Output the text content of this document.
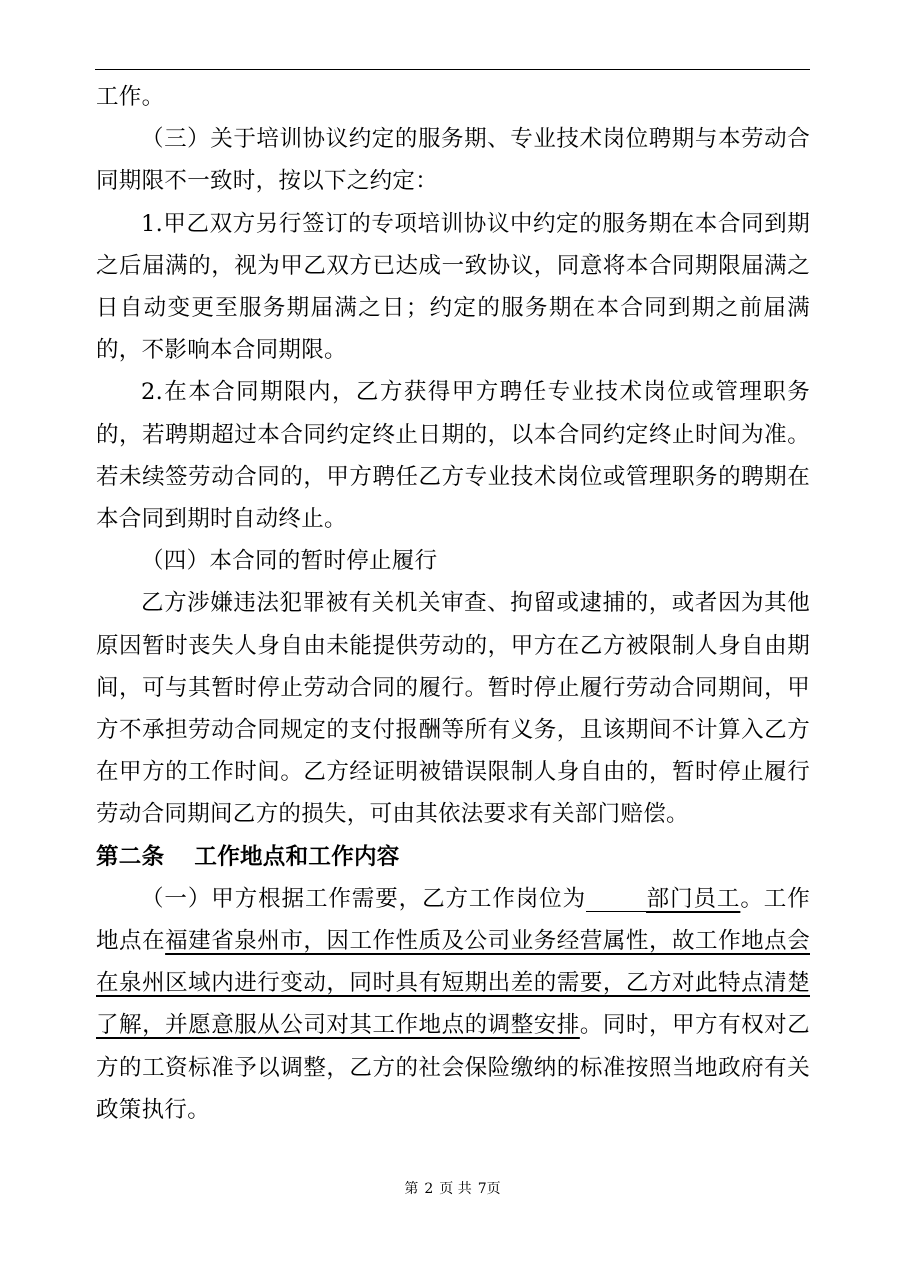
工作。

（三）关于培训协议约定的服务期、专业技术岗位聘期与本劳动合同期限不一致时，按以下之约定：

1.甲乙双方另行签订的专项培训协议中约定的服务期在本合同到期之后届满的，视为甲乙双方已达成一致协议，同意将本合同期限届满之日自动变更至服务期届满之日；约定的服务期在本合同到期之前届满的，不影响本合同期限。

2.在本合同期限内，乙方获得甲方聘任专业技术岗位或管理职务的，若聘期超过本合同约定终止日期的，以本合同约定终止时间为准。若未续签劳动合同的，甲方聘任乙方专业技术岗位或管理职务的聘期在本合同到期时自动终止。

（四）本合同的暂时停止履行

乙方涉嫌违法犯罪被有关机关审查、拘留或逮捕的，或者因为其他原因暂时丧失人身自由未能提供劳动的，甲方在乙方被限制人身自由期间，可与其暂时停止劳动合同的履行。暂时停止履行劳动合同期间，甲方不承担劳动合同规定的支付报酬等所有义务，且该期间不计算入乙方在甲方的工作时间。乙方经证明被错误限制人身自由的，暂时停止履行劳动合同期间乙方的损失，可由其依法要求有关部门赔偿。

第二条 工作地点和工作内容

（一）甲方根据工作需要，乙方工作岗位为	部门员工。工作地点在福建省泉州市，因工作性质及公司业务经营属性，故工作地点会在泉州区域内进行变动，同时具有短期出差的需要，乙方对此特点清楚了解，并愿意服从公司对其工作地点的调整安排。同时，甲方有权对乙方的工资标准予以调整，乙方的社会保险缴纳的标准按照当地政府有关政策执行。

第 2 页 共 7页
